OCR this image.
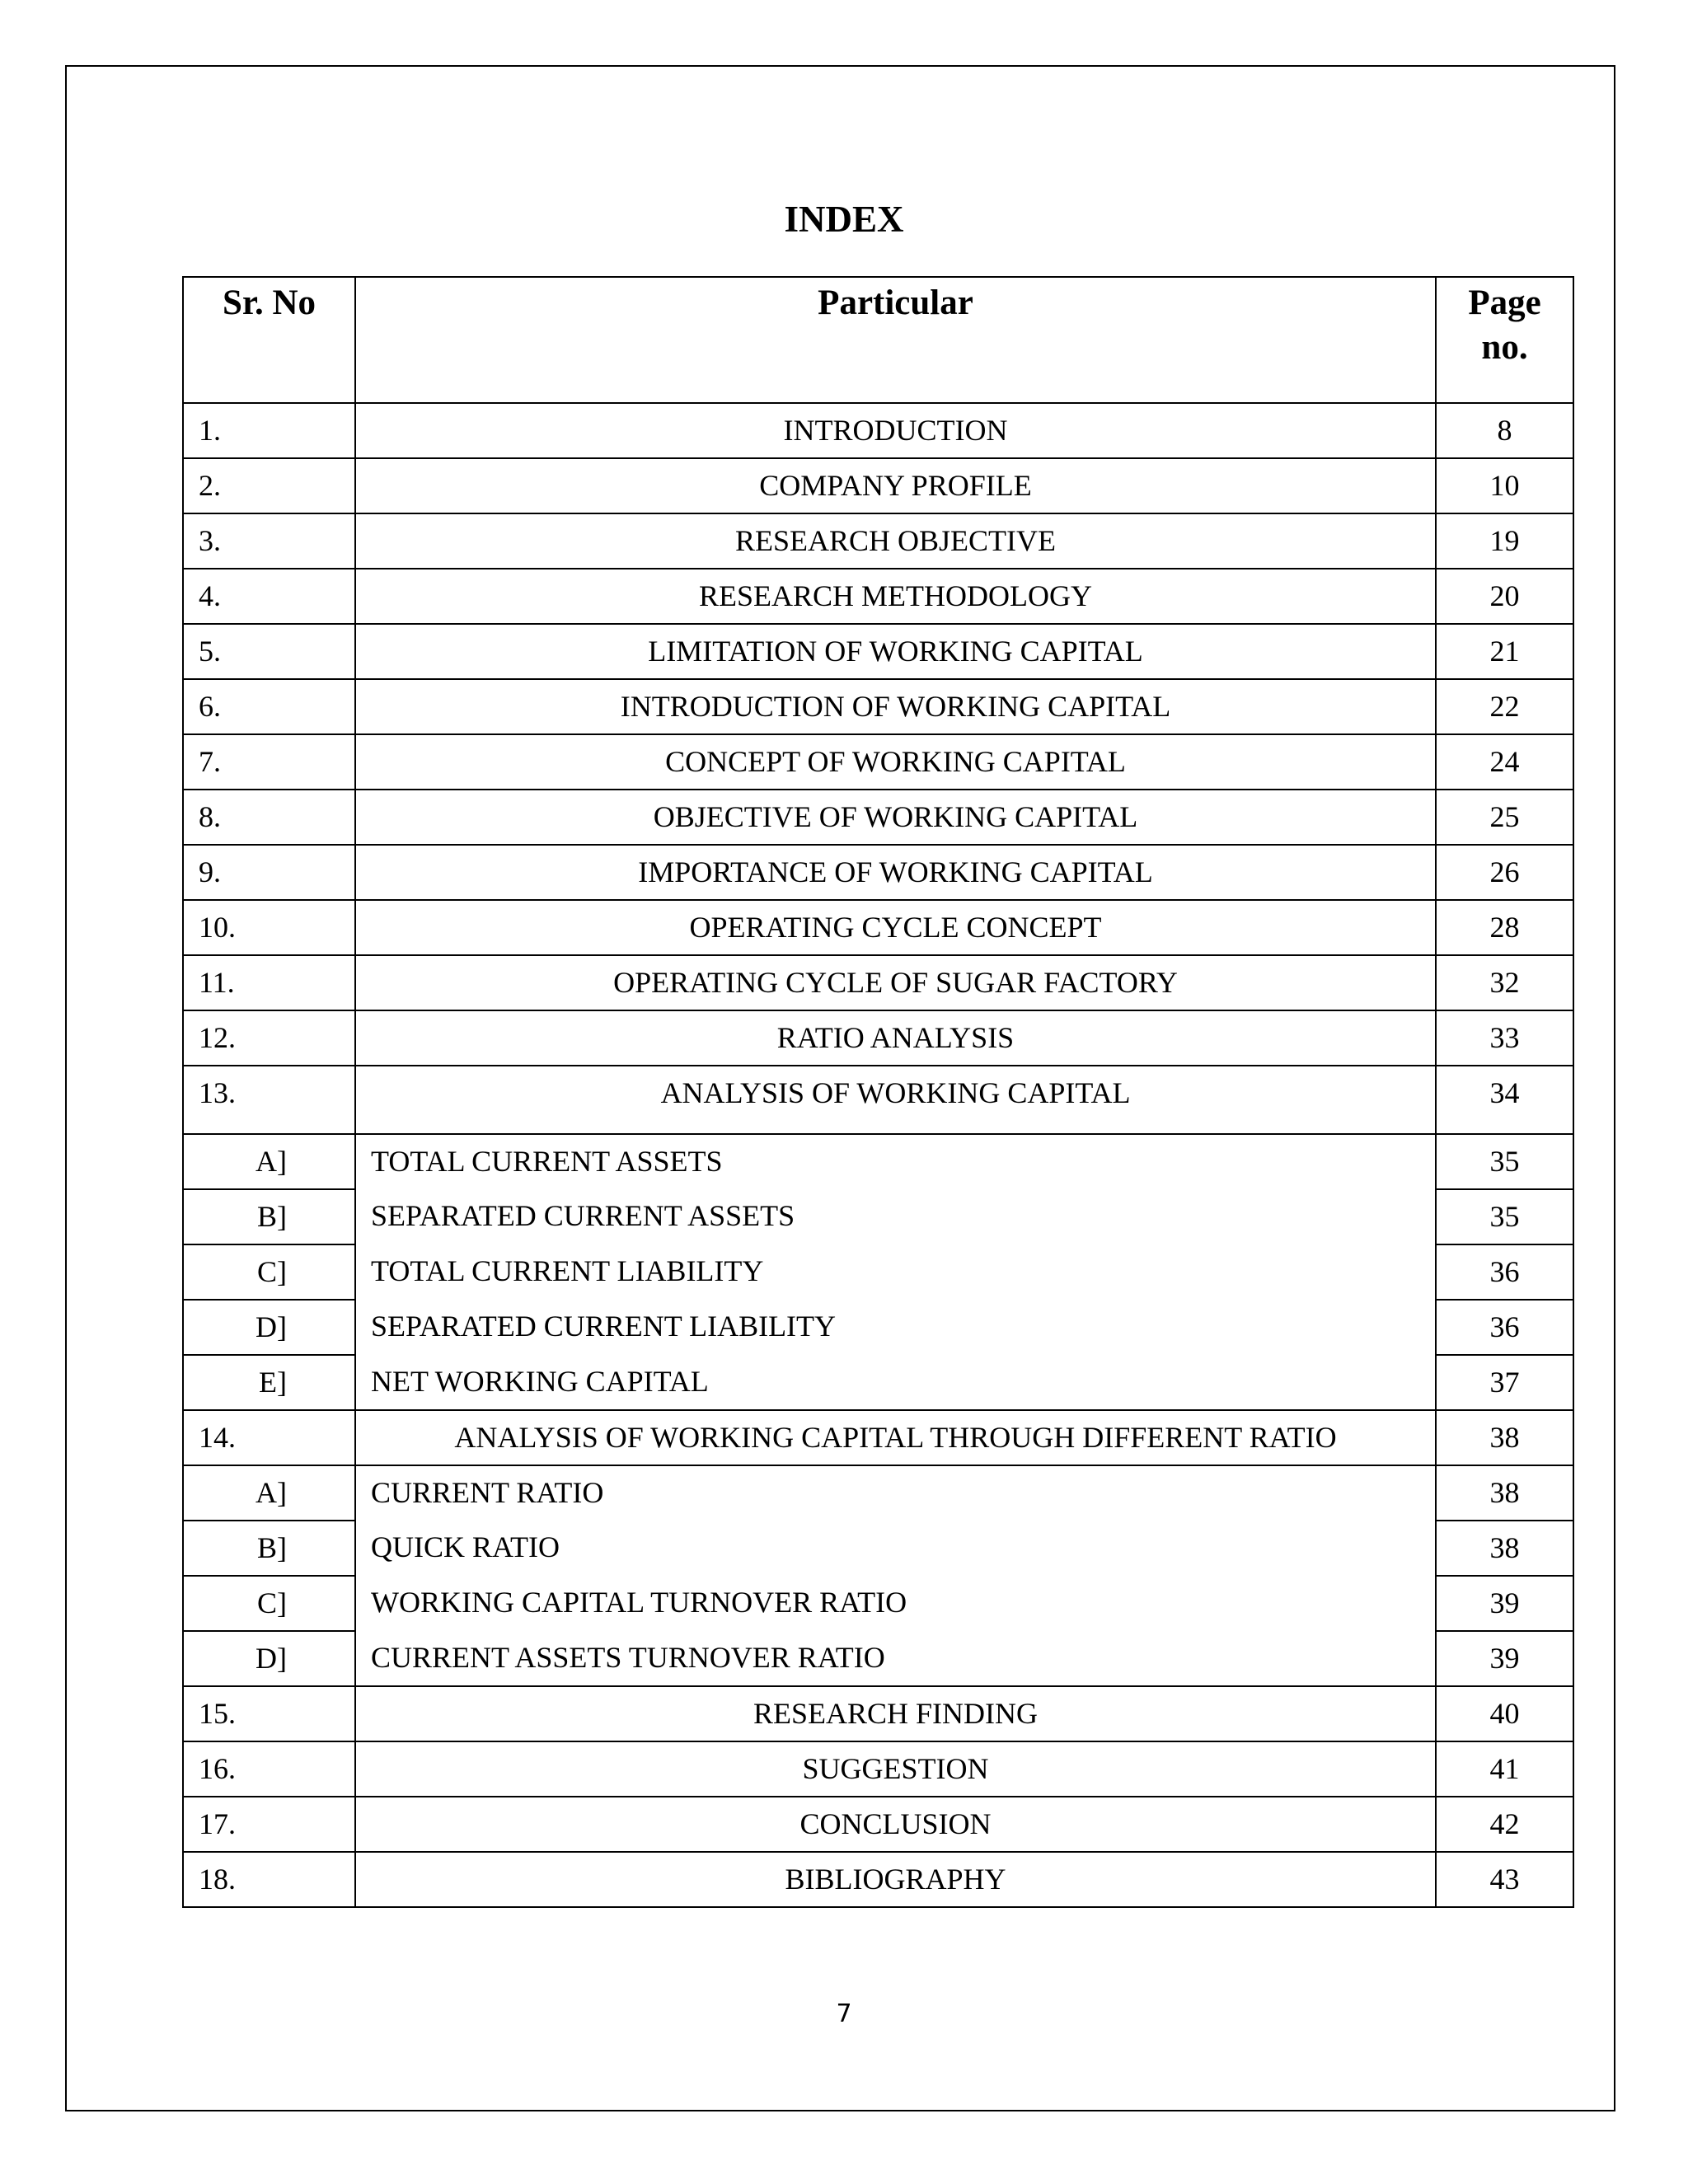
INDEX
Sr. No	Particular	Page
no.
1.	INTRODUCTION	8
2.	COMPANY PROFILE	10
3.	RESEARCH OBJECTIVE	19
4.	RESEARCH METHODOLOGY	20
5.	LIMITATION OF WORKING CAPITAL	21
6.	INTRODUCTION OF WORKING CAPITAL	22
7.	CONCEPT OF WORKING CAPITAL	24
8.	OBJECTIVE OF WORKING CAPITAL	25
9.	IMPORTANCE OF WORKING CAPITAL	26
10.	OPERATING CYCLE CONCEPT	28
11.	OPERATING CYCLE OF SUGAR FACTORY	32
12.	RATIO ANALYSIS	33
13.	ANALYSIS OF WORKING CAPITAL	34
A]	TOTAL CURRENT ASSETS	35
B]	SEPARATED CURRENT ASSETS	35
C]	TOTAL CURRENT LIABILITY	36
D]	SEPARATED CURRENT LIABILITY	36
E]	NET WORKING CAPITAL	37
14.	ANALYSIS OF WORKING CAPITAL THROUGH DIFFERENT RATIO	38
A]	CURRENT RATIO	38
B]	QUICK RATIO	38
C]	WORKING CAPITAL TURNOVER RATIO	39
D]	CURRENT ASSETS TURNOVER RATIO	39
15.	RESEARCH FINDING	40
16.	SUGGESTION	41
17.	CONCLUSION	42
18.	BIBLIOGRAPHY	43
7
